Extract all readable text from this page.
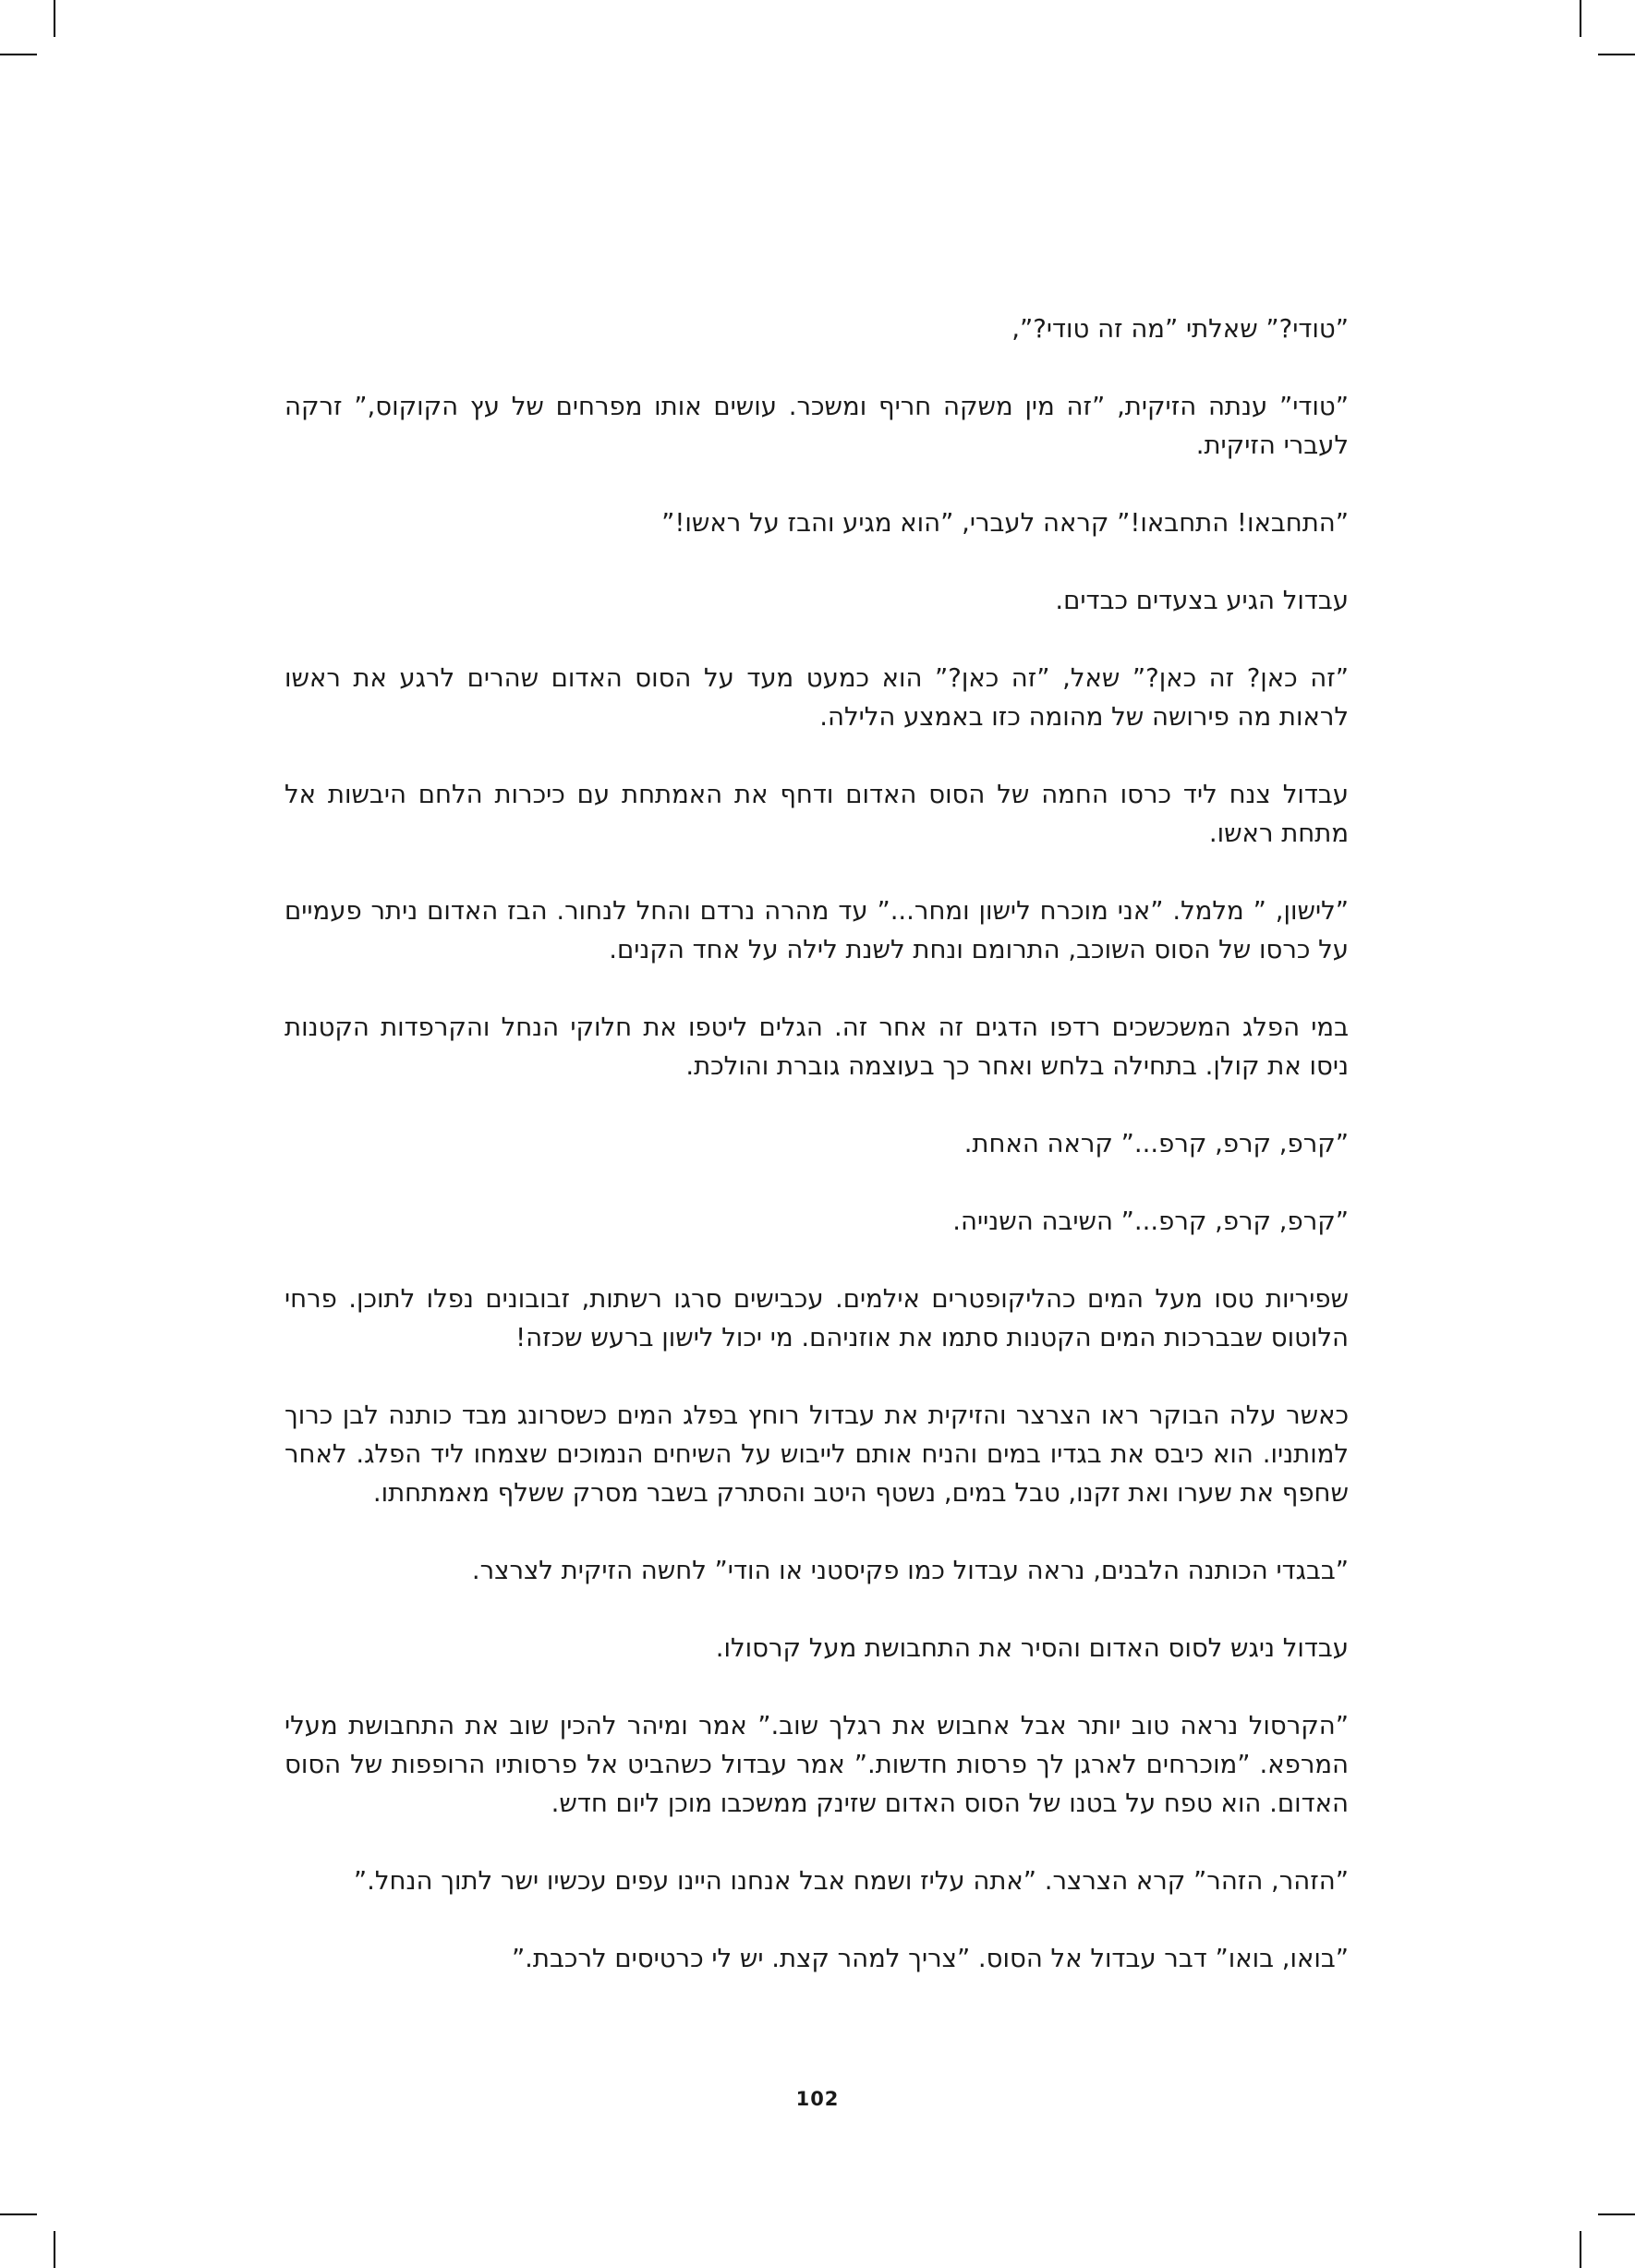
”טודי?” שאלתי ”מה זה טודי?”,

”טודי” ענתה הזיקית, ”זה מין משקה חריף ומשכר. עושים אותו מפרחים של עץ הקוקוס,” זרקה לעברי הזיקית.

”התחבאו! התחבאו!” קראה לעברי, ”הוא מגיע והבז על ראשו!”

עבדול הגיע בצעדים כבדים.

”זה כאן? זה כאן?” שאל, ”זה כאן?” הוא כמעט מעד על הסוס האדום שהרים לרגע את ראשו לראות מה פירושה של מהומה כזו באמצע הלילה.

עבדול צנח ליד כרסו החמה של הסוס האדום ודחף את האמתחת עם כיכרות הלחם היבשות אל מתחת ראשו.

”לישון, ” מלמל. ”אני מוכרח לישון ומחר...” עד מהרה נרדם והחל לנחור. הבז האדום ניתר פעמיים על כרסו של הסוס השוכב, התרומם ונחת לשנת לילה על אחד הקנים.

במי הפלג המשכשכים רדפו הדגים זה אחר זה. הגלים ליטפו את חלוקי הנחל והקרפדות הקטנות ניסו את קולן. בתחילה בלחש ואחר כך בעוצמה גוברת והולכת.

”קרפ, קרפ, קרפ...” קראה האחת.

”קרפ, קרפ, קרפ...” השיבה השנייה.

שפיריות טסו מעל המים כהליקופטרים אילמים. עכבישים סרגו רשתות, זבובונים נפלו לתוכן. פרחי הלוטוס שבברכות המים הקטנות סתמו את אוזניהם. מי יכול לישון ברעש שכזה!

כאשר עלה הבוקר ראו הצרצר והזיקית את עבדול רוחץ בפלג המים כשסרונג מבד כותנה לבן כרוך למותניו. הוא כיבס את בגדיו במים והניח אותם לייבוש על השיחים הנמוכים שצמחו ליד הפלג. לאחר שחפף את שערו ואת זקנו, טבל במים, נשטף היטב והסתרק בשבר מסרק ששלף מאמתחתו.

”בבגדי הכותנה הלבנים, נראה עבדול כמו פקיסטני או הודי” לחשה הזיקית לצרצר.

עבדול ניגש לסוס האדום והסיר את התחבושת מעל קרסולו.

”הקרסול נראה טוב יותר אבל אחבוש את רגלך שוב.” אמר ומיהר להכין שוב את התחבושת מעלי המרפא. ”מוכרחים לארגן לך פרסות חדשות.” אמר עבדול כשהביט אל פרסותיו הרופפות של הסוס האדום. הוא טפח על בטנו של הסוס האדום שזינק ממשכבו מוכן ליום חדש.

”הזהר, הזהר” קרא הצרצר. ”אתה עליז ושמח אבל אנחנו היינו עפים עכשיו ישר לתוך הנחל.”

”בואו, בואו” דבר עבדול אל הסוס. ”צריך למהר קצת. יש לי כרטיסים לרכבת.”

102
